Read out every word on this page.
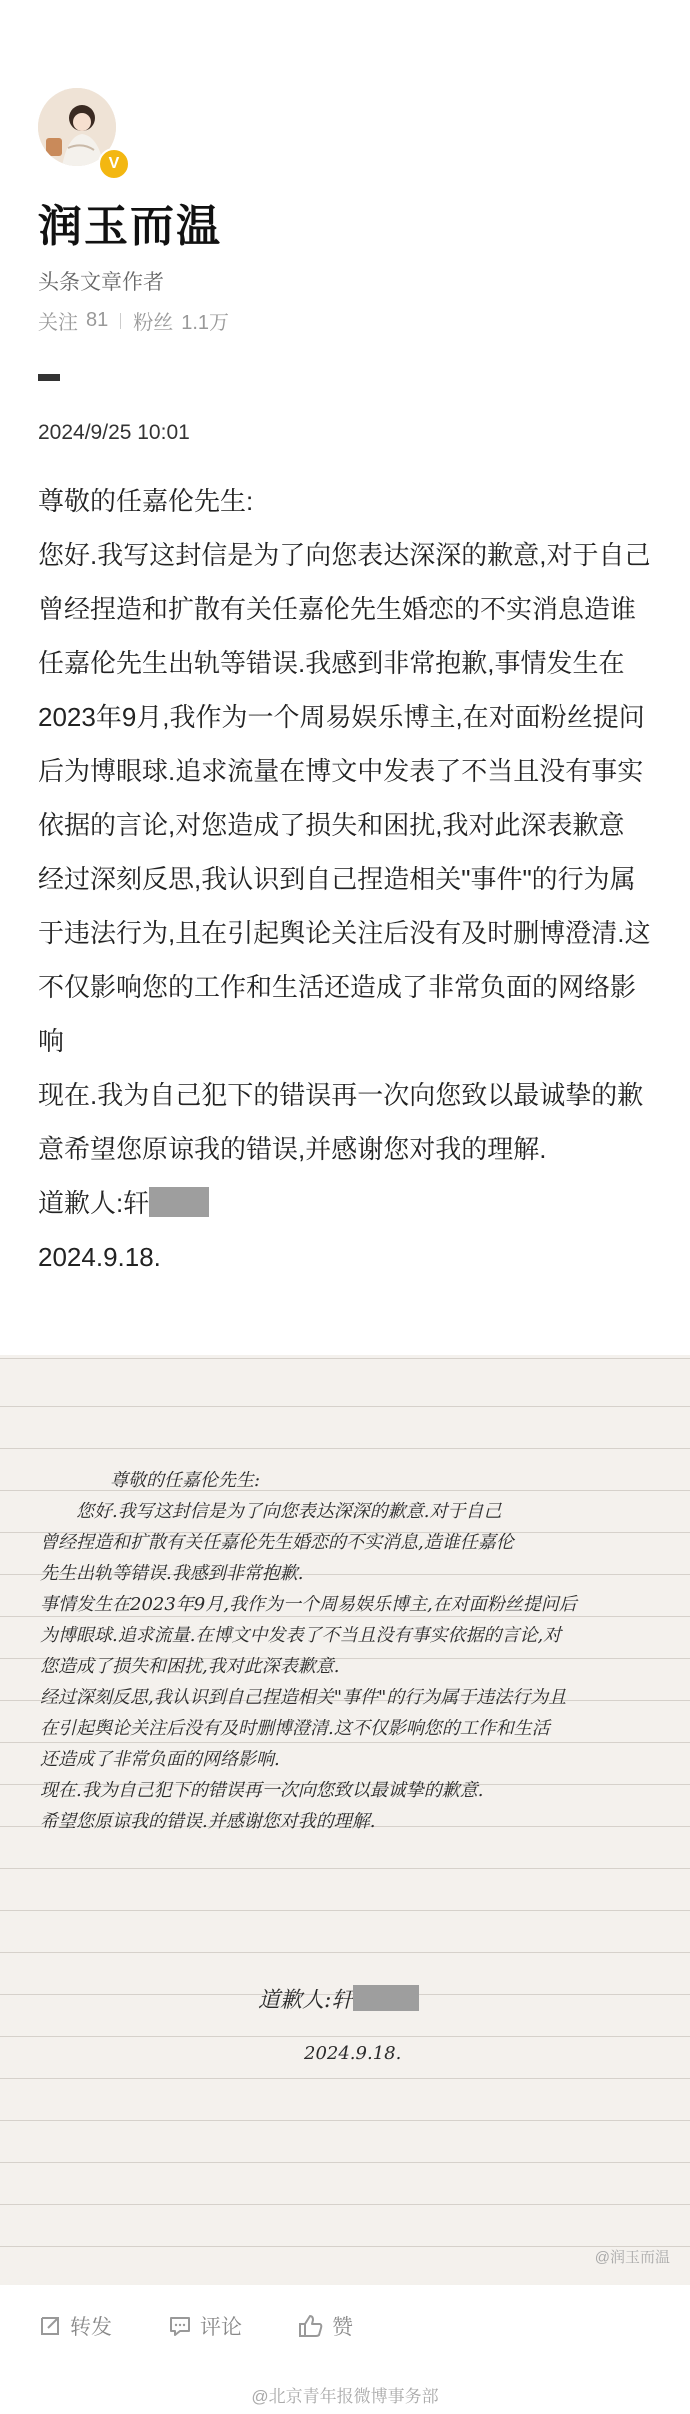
V
润玉而温
头条文章作者
关注 81 粉丝 1.1万
2024/9/25 10:01

尊敬的任嘉伦先生:

您好.我写这封信是为了向您表达深深的歉意,对于自己曾经捏造和扩散有关任嘉伦先生婚恋的不实消息造谁任嘉伦先生出轨等错误.我感到非常抱歉,事情发生在2023年9月,我作为一个周易娱乐博主,在对面粉丝提问后为博眼球.追求流量在博文中发表了不当且没有事实依据的言论,对您造成了损失和困扰,我对此深表歉意

经过深刻反思,我认识到自己捏造相关"事件"的行为属于违法行为,且在引起舆论关注后没有及时删博澄清.这不仅影响您的工作和生活还造成了非常负面的网络影响

现在.我为自己犯下的错误再一次向您致以最诚挚的歉意希望您原谅我的错误,并感谢您对我的理解.

道歉人:轩

2024.9.18.

尊敬的任嘉伦先生:

您好.我写这封信是为了向您表达深深的歉意.对于自己

曾经捏造和扩散有关任嘉伦先生婚恋的不实消息,造谁任嘉伦

先生出轨等错误.我感到非常抱歉.

事情发生在2023年9月,我作为一个周易娱乐博主,在对面粉丝提问后

为博眼球.追求流量.在博文中发表了不当且没有事实依据的言论,对

您造成了损失和困扰,我对此深表歉意.

经过深刻反思,我认识到自己捏造相关"事件"的行为属于违法行为且

在引起舆论关注后没有及时删博澄清.这不仅影响您的工作和生活

还造成了非常负面的网络影响.

现在.我为自己犯下的错误再一次向您致以最诚挚的歉意.

希望您原谅我的错误.并感谢您对我的理解.

道歉人:轩
2024.9.18.
@润玉而温
转发	评论	赞
@北京青年报微博事务部
